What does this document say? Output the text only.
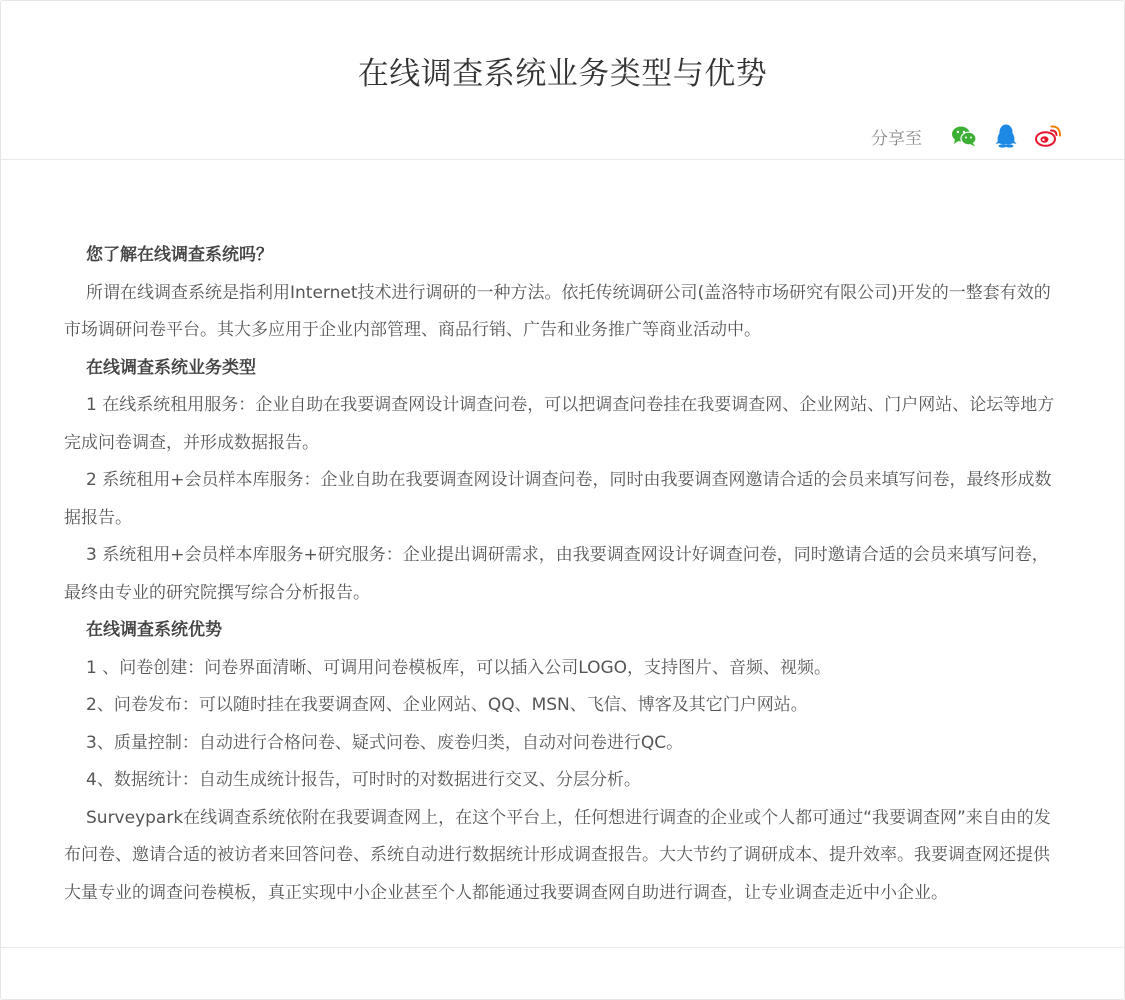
在线调查系统业务类型与优势
分享至

您了解在线调查系统吗？

所谓在线调查系统是指利用Internet技术进行调研的一种方法。依托传统调研公司(盖洛特市场研究有限公司)开发的一整套有效的市场调研问卷平台。其大多应用于企业内部管理、商品行销、广告和业务推广等商业活动中。

在线调查系统业务类型

1 在线系统租用服务：企业自助在我要调查网设计调查问卷，可以把调查问卷挂在我要调查网、企业网站、门户网站、论坛等地方完成问卷调查，并形成数据报告。

2 系统租用+会员样本库服务：企业自助在我要调查网设计调查问卷，同时由我要调查网邀请合适的会员来填写问卷，最终形成数据报告。

3 系统租用+会员样本库服务+研究服务：企业提出调研需求，由我要调查网设计好调查问卷，同时邀请合适的会员来填写问卷，最终由专业的研究院撰写综合分析报告。

在线调查系统优势

1 、问卷创建：问卷界面清晰、可调用问卷模板库，可以插入公司LOGO，支持图片、音频、视频。

2、问卷发布：可以随时挂在我要调查网、企业网站、QQ、MSN、飞信、博客及其它门户网站。

3、质量控制：自动进行合格问卷、疑式问卷、废卷归类，自动对问卷进行QC。

4、数据统计：自动生成统计报告，可时时的对数据进行交叉、分层分析。

Surveypark在线调查系统依附在我要调查网上，在这个平台上，任何想进行调查的企业或个人都可通过“我要调查网”来自由的发布问卷、邀请合适的被访者来回答问卷、系统自动进行数据统计形成调查报告。大大节约了调研成本、提升效率。我要调查网还提供大量专业的调查问卷模板，真正实现中小企业甚至个人都能通过我要调查网自助进行调查，让专业调查走近中小企业。
